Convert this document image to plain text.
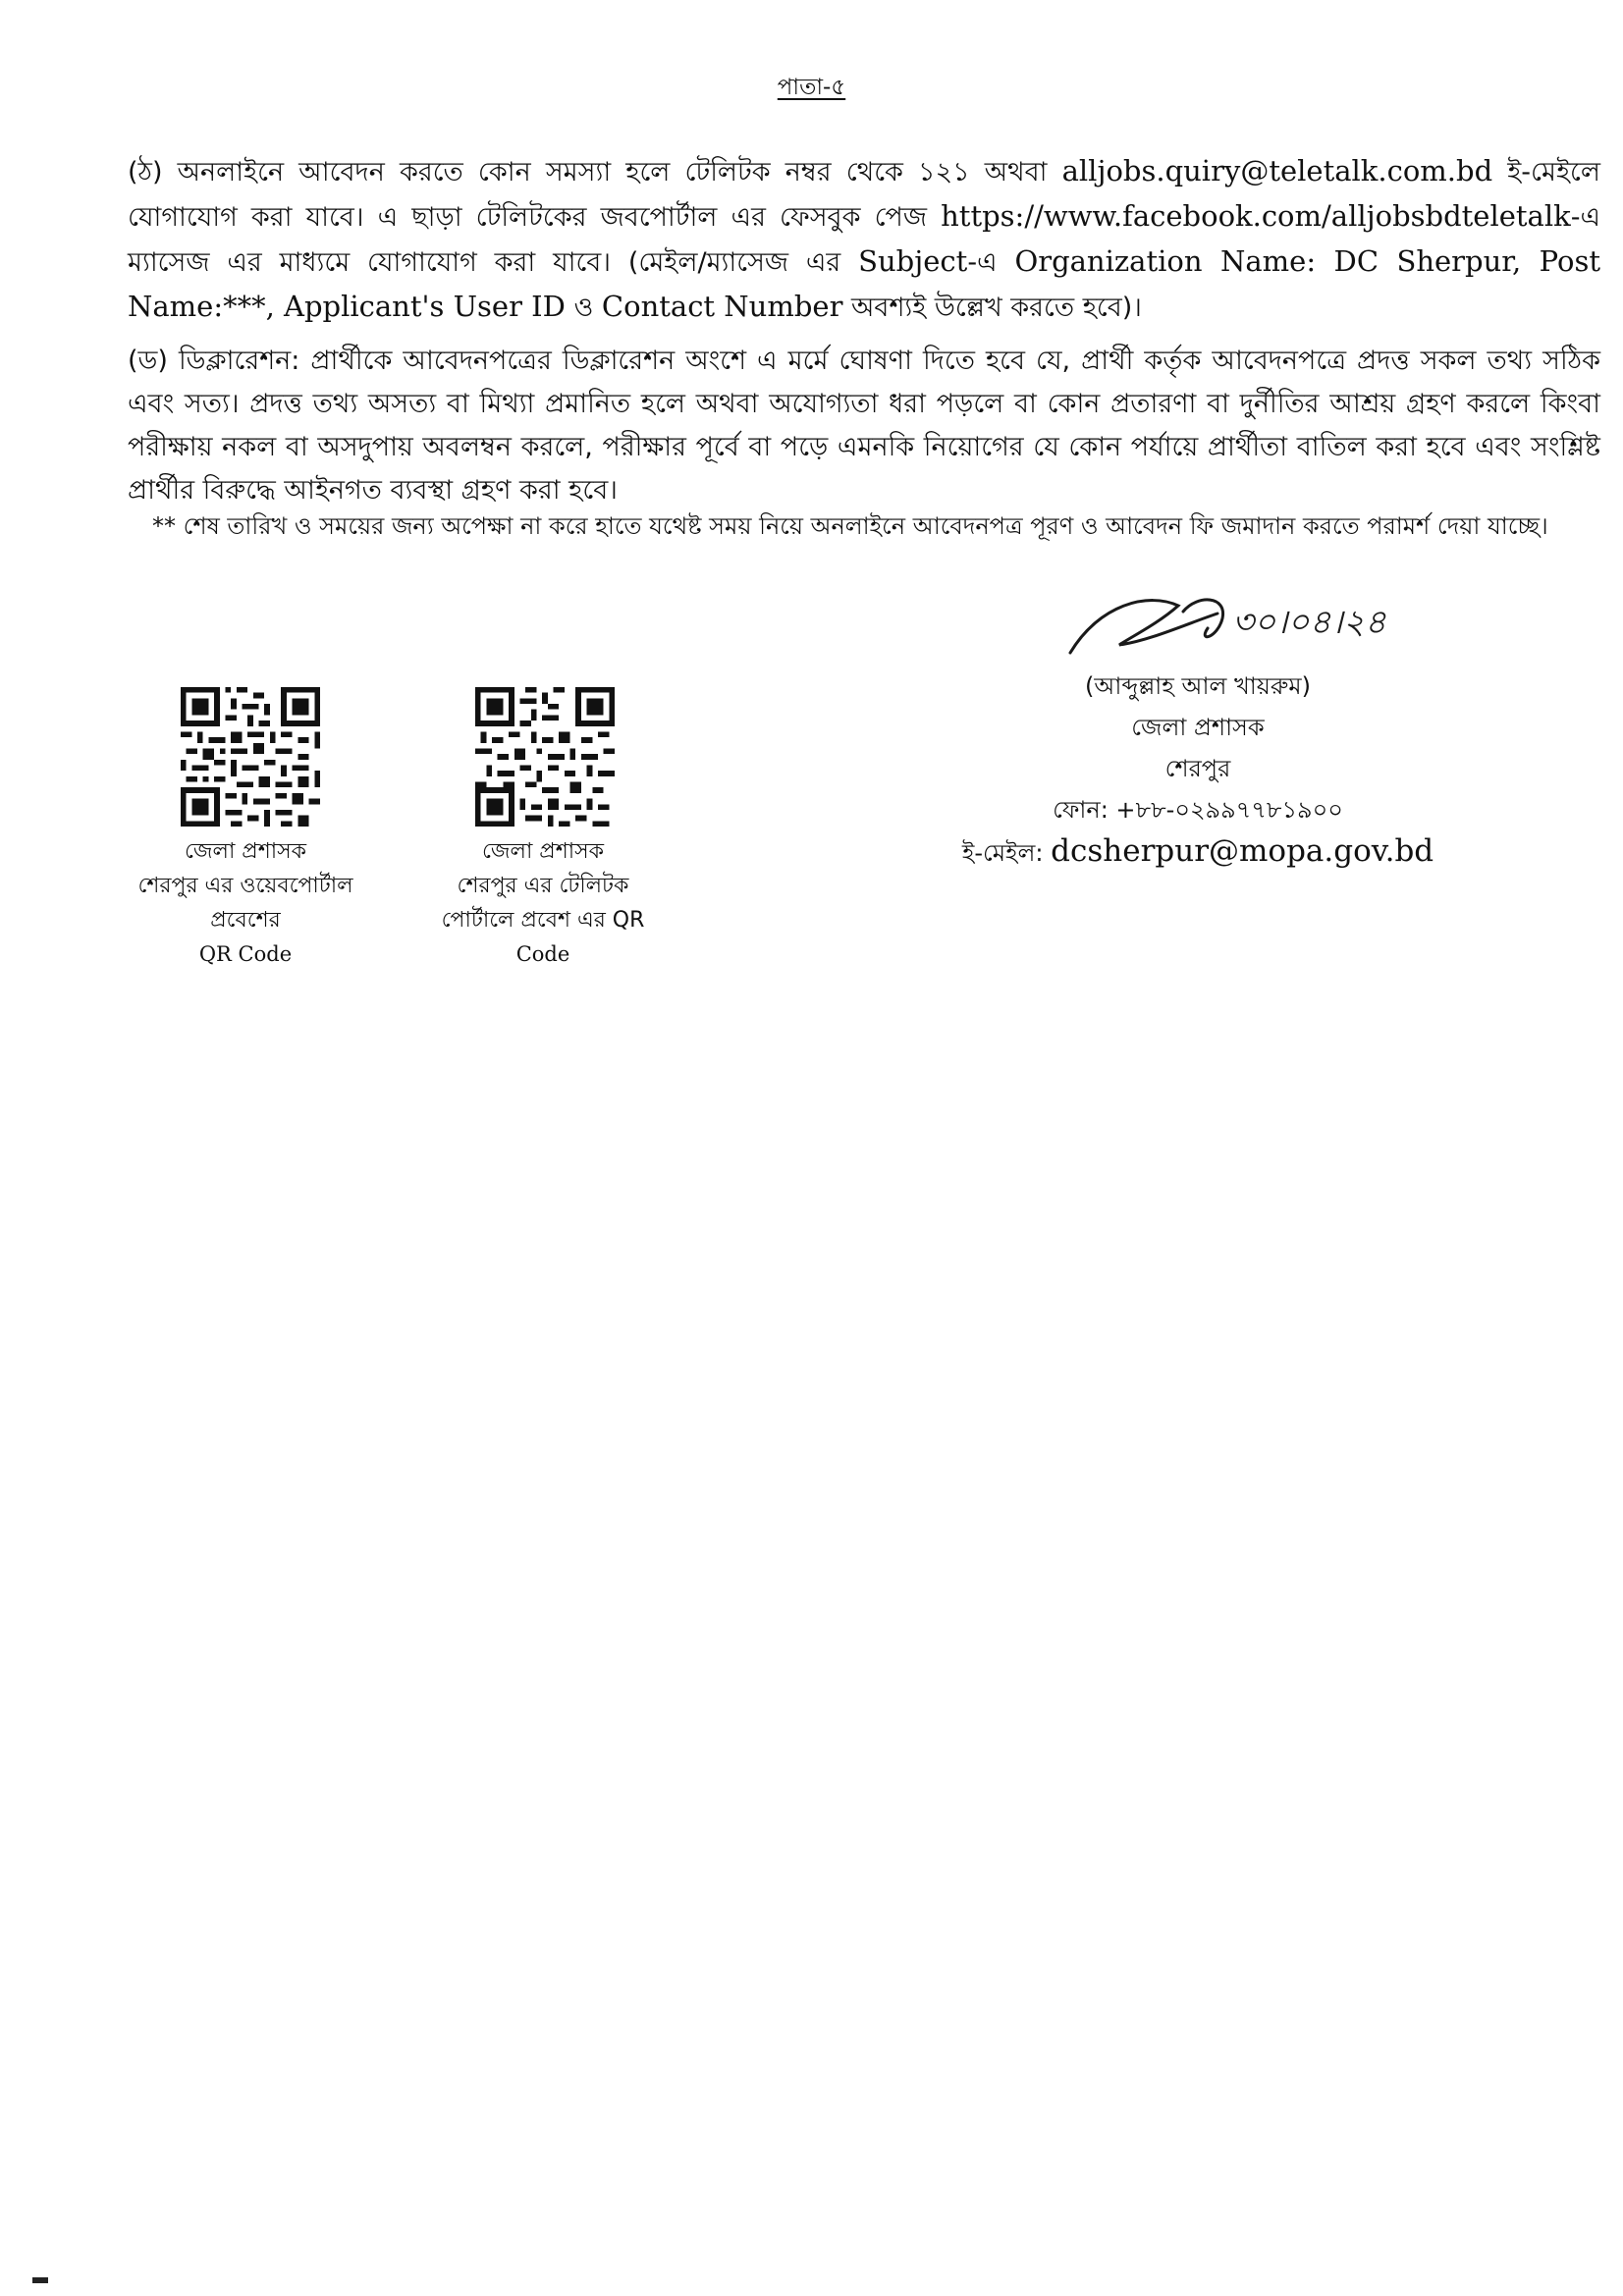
পাতা-৫
(ঠ) অনলাইনে আবেদন করতে কোন সমস্যা হলে টেলিটক নম্বর থেকে ১২১ অথবা alljobs.quiry@teletalk.com.bd ই-মেইলে যোগাযোগ করা যাবে। এ ছাড়া টেলিটকের জবপোর্টাল এর ফেসবুক পেজ https://www.facebook.com/alljobsbdteletalk-এ ম্যাসেজ এর মাধ্যমে যোগাযোগ করা যাবে। (মেইল/ম্যাসেজ এর Subject-এ Organization Name: DC Sherpur, Post Name:***, Applicant's User ID ও Contact Number অবশ্যই উল্লেখ করতে হবে)।
(ড) ডিক্লারেশন: প্রার্থীকে আবেদনপত্রের ডিক্লারেশন অংশে এ মর্মে ঘোষণা দিতে হবে যে, প্রার্থী কর্তৃক আবেদনপত্রে প্রদত্ত সকল তথ্য সঠিক এবং সত্য। প্রদত্ত তথ্য অসত্য বা মিথ্যা প্রমানিত হলে অথবা অযোগ্যতা ধরা পড়লে বা কোন প্রতারণা বা দুর্নীতির আশ্রয় গ্রহণ করলে কিংবা পরীক্ষায় নকল বা অসদুপায় অবলম্বন করলে, পরীক্ষার পূর্বে বা পড়ে এমনকি নিয়োগের যে কোন পর্যায়ে প্রার্থীতা বাতিল করা হবে এবং সংশ্লিষ্ট প্রার্থীর বিরুদ্ধে আইনগত ব্যবস্থা গ্রহণ করা হবে।
** শেষ তারিখ ও সময়ের জন্য অপেক্ষা না করে হাতে যথেষ্ট সময় নিয়ে অনলাইনে আবেদনপত্র পূরণ ও আবেদন ফি জমাদান করতে পরামর্শ দেয়া যাচ্ছে।
৩০।০৪।২৪
(আব্দুল্লাহ আল খায়রুম)
জেলা প্রশাসক
শেরপুর
ফোন: +৮৮-০২৯৯৭৭৮১৯০০
ই-মেইল: dcsherpur@mopa.gov.bd
জেলা প্রশাসক
শেরপুর এর ওয়েবপোর্টাল
প্রবেশের
QR Code
জেলা প্রশাসক
শেরপুর এর টেলিটক
পোর্টালে প্রবেশ এর QR
Code
